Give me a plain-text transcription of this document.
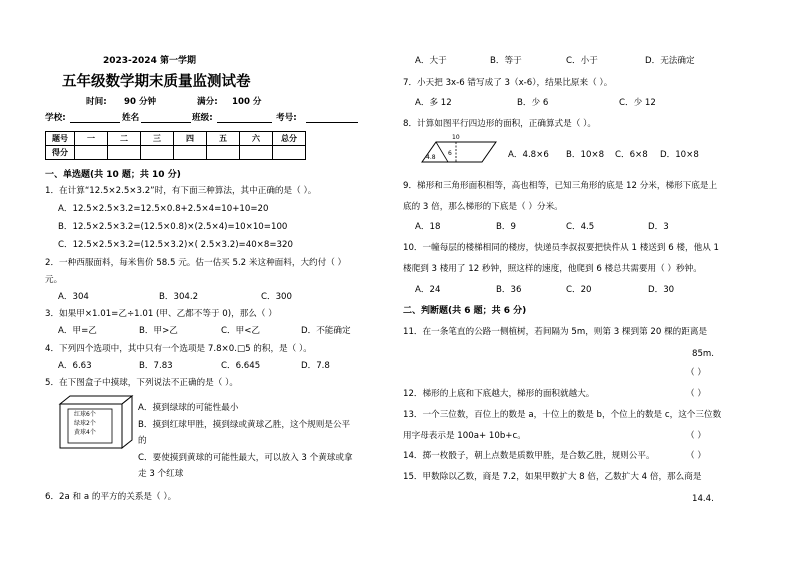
2023-2024 第一学期
五年级数学期末质量监测试卷
时间: 90 分钟	满分: 100 分
学校:	姓名	班级:	考号:
题号	一	二	三	四	五	六	总分
得分							
一、单选题(共 10 题；共 10 分)
1．在计算“12.5×2.5×3.2”时，有下面三种算法，其中正确的是（ ）。
A．12.5×2.5×3.2=12.5×0.8+2.5×4=10+10=20
B．12.5×2.5×3.2=(12.5×0.8)×(2.5×4)=10×10=100
C．12.5×2.5×3.2=(12.5×3.2)×( 2.5×3.2)=40×8=320
2．一种西服面料，每米售价 58.5 元。估一估买 5.2 米这种面料，大约付（ ）
元。
A．304	B．304.2	C．300
3．如果甲×1.01=乙÷1.01 (甲、乙都不等于 0)，那么（ ）
A．甲=乙	B．甲>乙	C．甲<乙	D．不能确定
4．下列四个选项中，其中只有一个选项是 7.8×0.□5 的积，是（ ）。
A．6.63	B．7.83	C．6.645	D．7.8
5．在下图盒子中摸球，下列说法不正确的是（ ）。
红球6个
绿球2个
黄球4个
A．摸到绿球的可能性最小
B．摸到红球甲胜，摸到绿或黄球乙胜，这个规则是公平
的
C．要使摸到黄球的可能性最大，可以放入 3 个黄球或拿
走 3 个红球
6．2a 和 a 的平方的关系是（ ）。
A．大于	B．等于	C．小于	D．无法确定
7．小天把 3x-6 错写成了 3（x-6），结果比原来（ ）。
A．多 12	B．少 6	C．少 12
8．计算如图平行四边形的面积，正确算式是（ ）。
10
6
4.8	A．4.8×6 B．10×8 C．6×8 D．10×8
9．梯形和三角形面积相等，高也相等，已知三角形的底是 12 分米，梯形下底是上
底的 3 倍，那么梯形的下底是（ ）分米。
A．18	B．9	C．4.5	D．3
10．一幢每层的楼梯相同的楼房，快递员李叔叔要把快件从 1 楼送到 6 楼，他从 1
楼爬到 3 楼用了 12 秒钟，照这样的速度，他爬到 6 楼总共需要用（ ）秒钟。
A．24	B．36	C．20	D．30
二、判断题(共 6 题；共 6 分)
11．在一条笔直的公路一侧植树，若间隔为 5m，则第 3 棵到第 20 棵的距离是
85m.
（ ）
12．梯形的上底和下底越大，梯形的面积就越大。	（ ）
13．一个三位数，百位上的数是 a，十位上的数是 b，个位上的数是 c，这个三位数
用字母表示是 100a+ 10b+c。	（ ）
14．掷一枚骰子，朝上点数是质数甲胜，是合数乙胜，规则公平。	（ ）
15．甲数除以乙数，商是 7.2，如果甲数扩大 8 倍，乙数扩大 4 倍，那么商是
14.4.
